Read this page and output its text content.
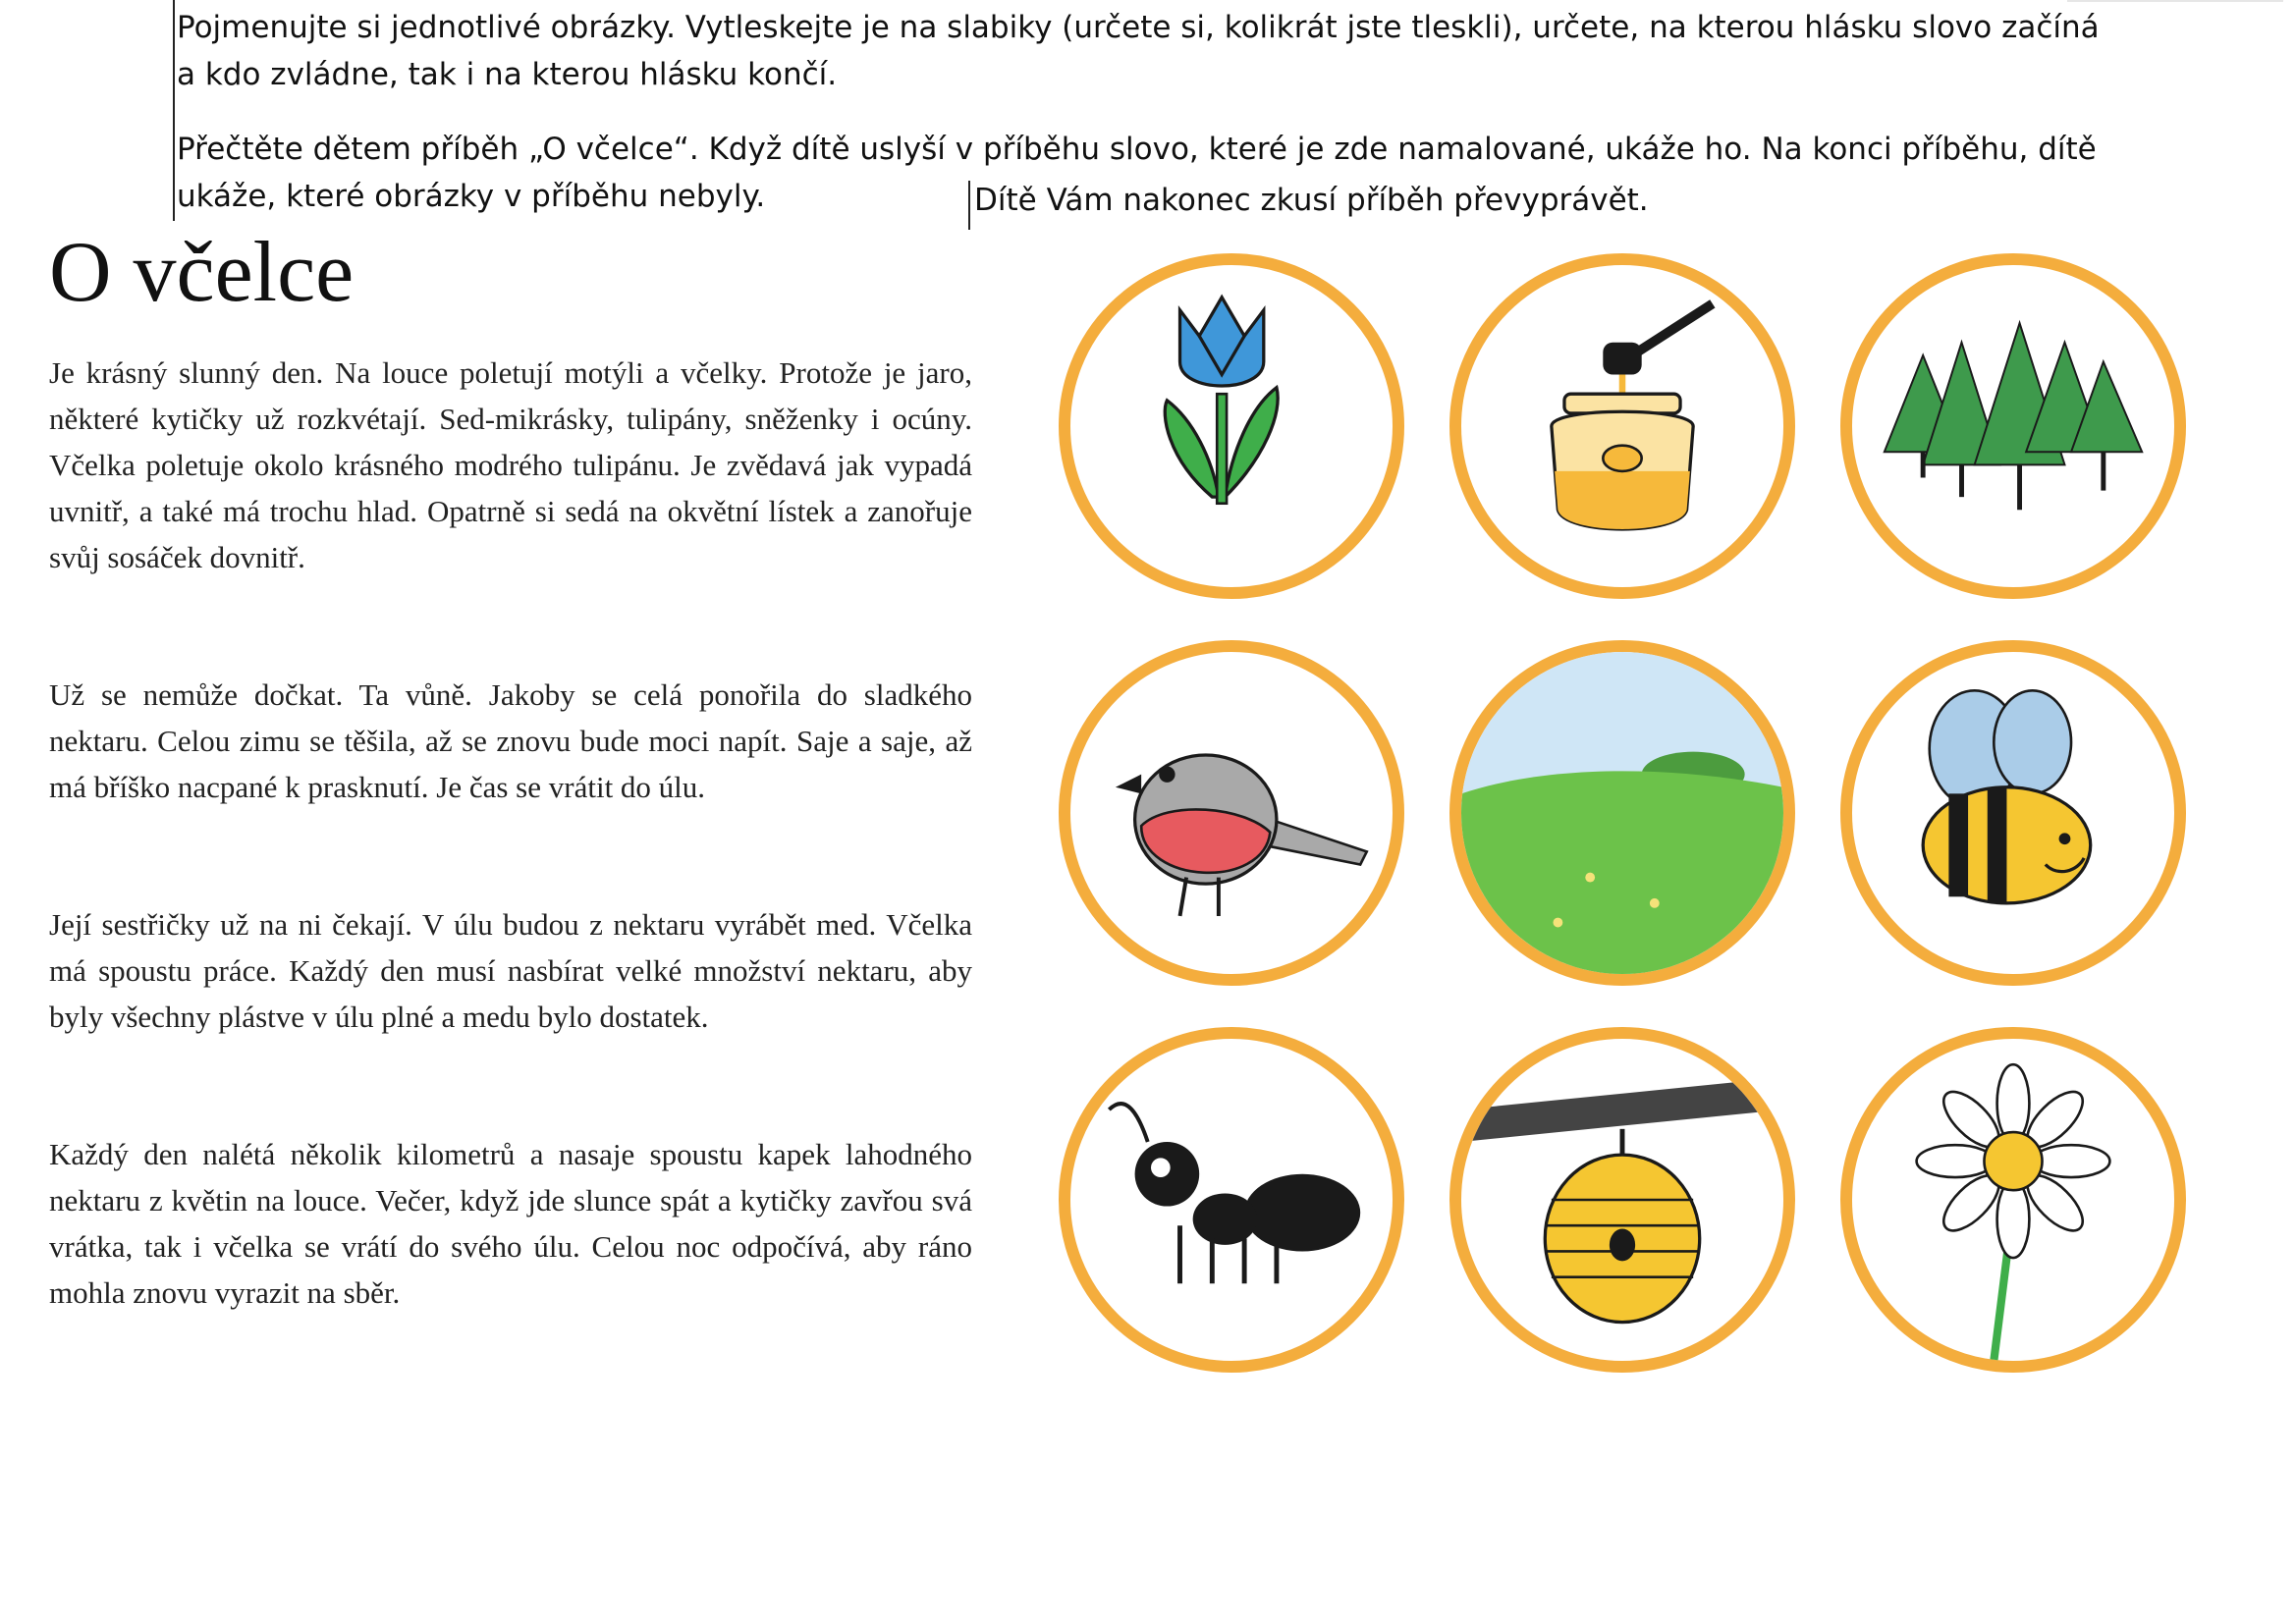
Pojmenujte si jednotlivé obrázky. Vytleskejte je na slabiky (určete si, kolikrát jste tleskli), určete, na kterou hlásku slovo začíná a kdo zvládne, tak i na kterou hlásku končí.

Přečtěte dětem příběh „O včelce“. Když dítě uslyší v příběhu slovo, které je zde namalované, ukáže ho. Na konci příběhu, dítě ukáže, které obrázky v příběhu nebyly.	Dítě Vám nakonec zkusí příběh převyprávět.

O včelce

Je krásný slunný den. Na louce poletují motýli a včelky. Protože je jaro, některé kytičky už rozkvétají. Sed-mikrásky, tulipány, sněženky i ocúny. Včelka poletuje okolo krásného modrého tulipánu. Je zvědavá jak vypadá uvnitř, a také má trochu hlad. Opatrně si sedá na okvětní lístek a zanořuje svůj sosáček dovnitř.

Už se nemůže dočkat. Ta vůně. Jakoby se celá ponořila do sladkého nektaru. Celou zimu se těšila, až se znovu bude moci napít. Saje a saje, až má bříško nacpané k prasknutí. Je čas se vrátit do úlu.

Její sestřičky už na ni čekají. V úlu budou z nektaru vyrábět med. Včelka má spoustu práce. Každý den musí nasbírat velké množství nektaru, aby byly všechny plástve v úlu plné a medu bylo dostatek.

Každý den nalétá několik kilometrů a nasaje spoustu kapek lahodného nektaru z květin na louce. Večer, když jde slunce spát a kytičky zavřou svá vrátka, tak i včelka se vrátí do svého úlu. Celou noc odpočívá, aby ráno mohla znovu vyrazit na sběr.
